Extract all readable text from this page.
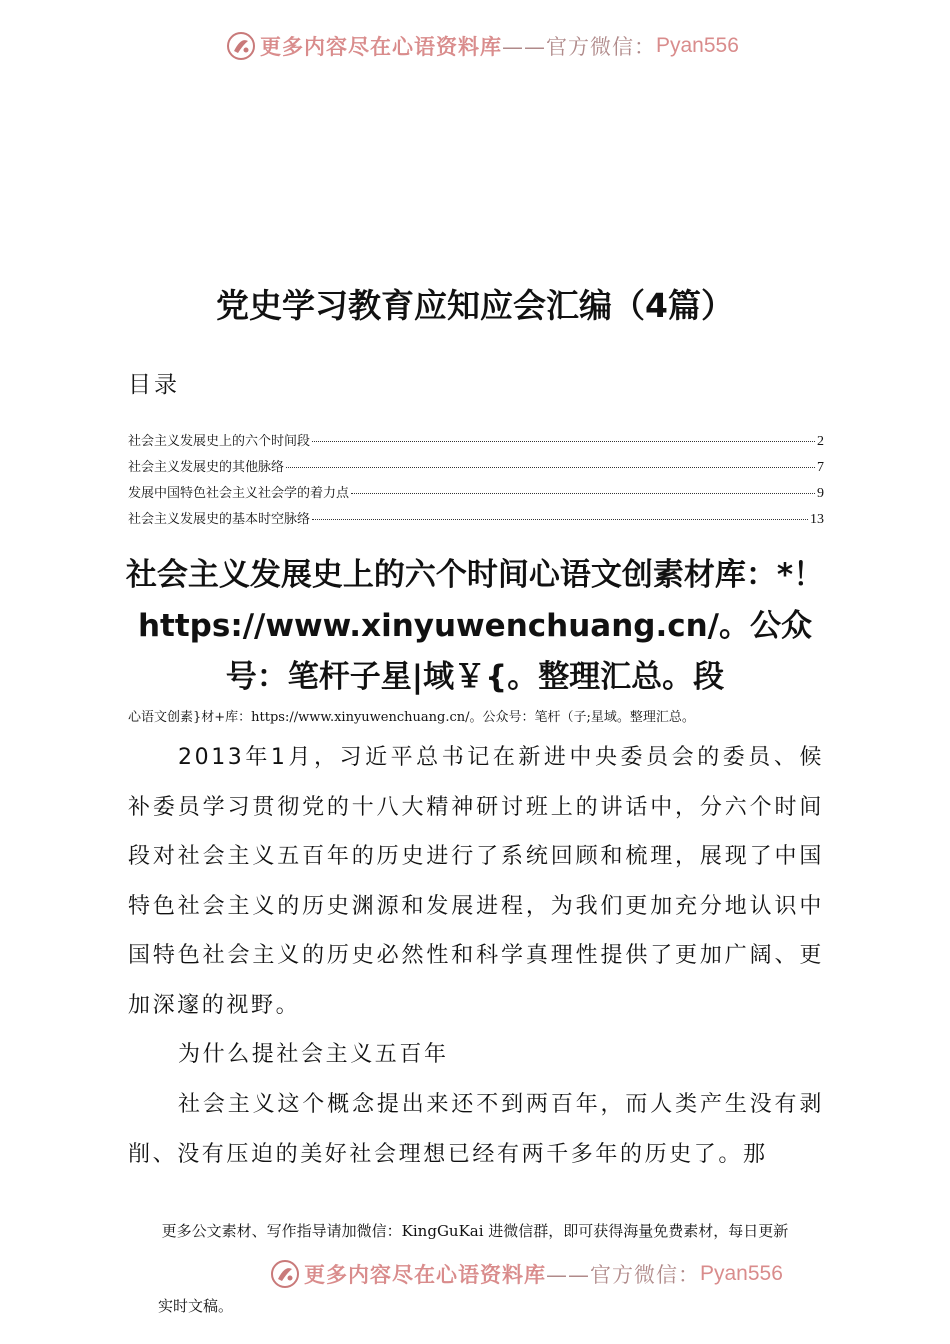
更多内容尽在心语资料库 ——官方微信： Pyan556
党史学习教育应知应会汇编（4篇）
目录
社会主义发展史上的六个时间段	2
社会主义发展史的其他脉络	7
发展中国特色社会主义社会学的着力点	9
社会主义发展史的基本时空脉络	13
社会主义发展史上的六个时间心语文创素材库：*！https://www.xinyuwenchuang.cn/。公众号：笔杆子星|域￥{。整理汇总。段
心语文创素}材+库：https://www.xinyuwenchuang.cn/。公众号：笔杆（子;星域。整理汇总。
2013年1月，习近平总书记在新进中央委员会的委员、候补委员学习贯彻党的十八大精神研讨班上的讲话中，分六个时间段对社会主义五百年的历史进行了系统回顾和梳理，展现了中国特色社会主义的历史渊源和发展进程，为我们更加充分地认识中国特色社会主义的历史必然性和科学真理性提供了更加广阔、更加深邃的视野。
为什么提社会主义五百年
社会主义这个概念提出来还不到两百年，而人类产生没有剥削、没有压迫的美好社会理想已经有两千多年的历史了。那
更多公文素材、写作指导请加微信：KingGuKai 进微信群，即可获得海量免费素材，每日更新
更多内容尽在心语资料库 ——官方微信： Pyan556
实时文稿。
